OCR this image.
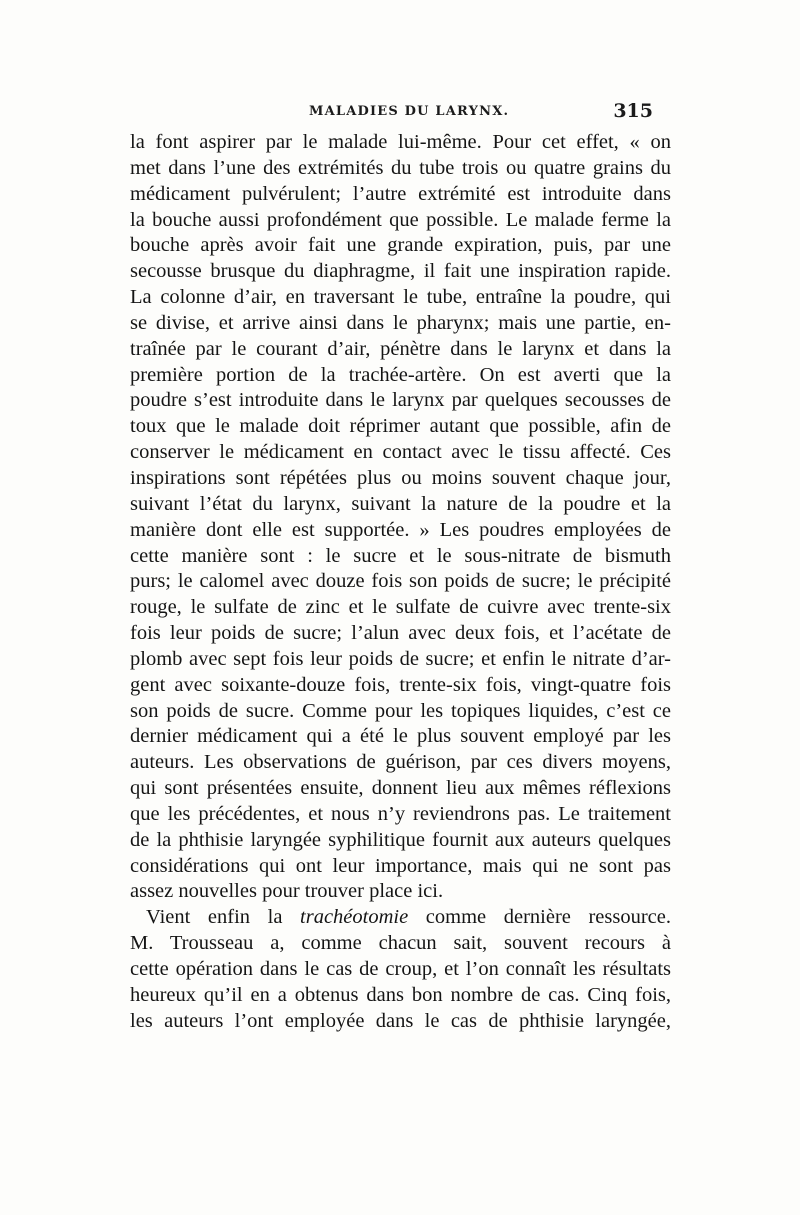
MALADIES DU LARYNX.	315
la font aspirer par le malade lui-même. Pour cet effet, « on
met dans l’une des extrémités du tube trois ou quatre grains du
médicament pulvérulent; l’autre extrémité est introduite dans
la bouche aussi profondément que possible. Le malade ferme la
bouche après avoir fait une grande expiration, puis, par une
secousse brusque du diaphragme, il fait une inspiration rapide.
La colonne d’air, en traversant le tube, entraîne la poudre, qui
se divise, et arrive ainsi dans le pharynx; mais une partie, en-
traînée par le courant d’air, pénètre dans le larynx et dans la
première portion de la trachée-artère. On est averti que la
poudre s’est introduite dans le larynx par quelques secousses de
toux que le malade doit réprimer autant que possible, afin de
conserver le médicament en contact avec le tissu affecté. Ces
inspirations sont répétées plus ou moins souvent chaque jour,
suivant l’état du larynx, suivant la nature de la poudre et la
manière dont elle est supportée. » Les poudres employées de
cette manière sont : le sucre et le sous-nitrate de bismuth
purs; le calomel avec douze fois son poids de sucre; le précipité
rouge, le sulfate de zinc et le sulfate de cuivre avec trente-six
fois leur poids de sucre; l’alun avec deux fois, et l’acétate de
plomb avec sept fois leur poids de sucre; et enfin le nitrate d’ar-
gent avec soixante-douze fois, trente-six fois, vingt-quatre fois
son poids de sucre. Comme pour les topiques liquides, c’est ce
dernier médicament qui a été le plus souvent employé par les
auteurs. Les observations de guérison, par ces divers moyens,
qui sont présentées ensuite, donnent lieu aux mêmes réflexions
que les précédentes, et nous n’y reviendrons pas. Le traitement
de la phthisie laryngée syphilitique fournit aux auteurs quelques
considérations qui ont leur importance, mais qui ne sont pas
assez nouvelles pour trouver place ici.
Vient enfin la trachéotomie comme dernière ressource.
M. Trousseau a, comme chacun sait, souvent recours à
cette opération dans le cas de croup, et l’on connaît les résultats
heureux qu’il en a obtenus dans bon nombre de cas. Cinq fois,
les auteurs l’ont employée dans le cas de phthisie laryngée,
